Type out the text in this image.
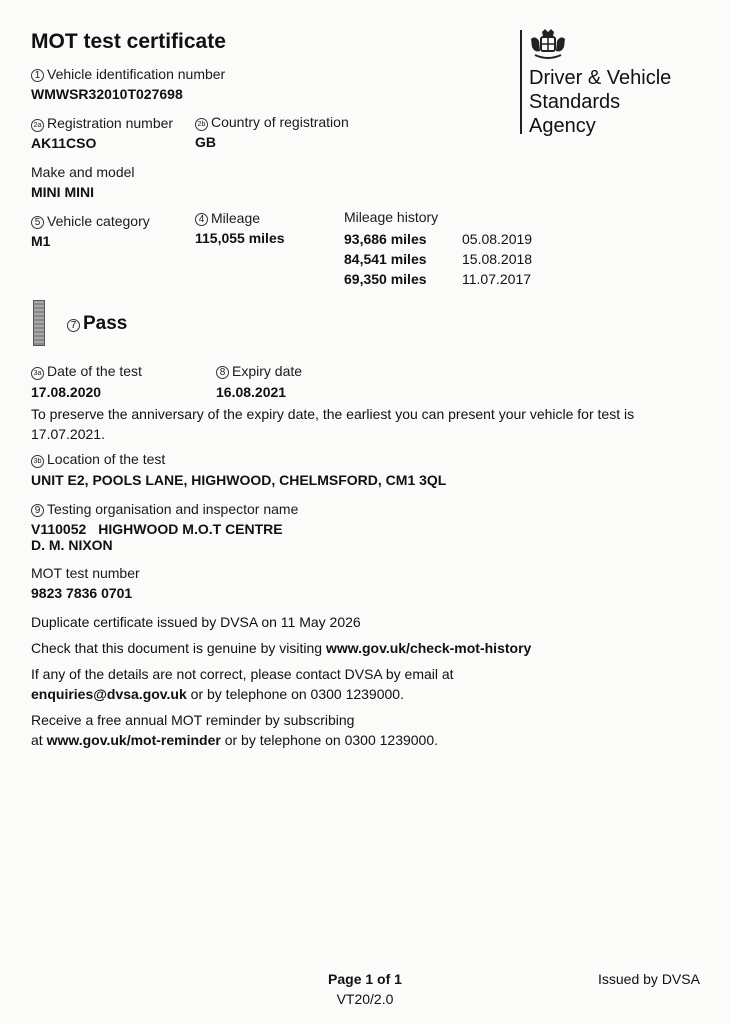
MOT test certificate
Driver & Vehicle
Standards
Agency
1 Vehicle identification number
WMWSR32010T027698
2a Registration number
AK11CSO
2b Country of registration
GB
Make and model
MINI MINI
5 Vehicle category
M1
4 Mileage
115,055 miles
Mileage history
93,686 miles	05.08.2019
84,541 miles	15.08.2018
69,350 miles	11.07.2017
7 Pass
3a Date of the test
17.08.2020
8 Expiry date
16.08.2021
To preserve the anniversary of the expiry date, the earliest you can present your vehicle for test is
17.07.2021.
3b Location of the test
UNIT E2, POOLS LANE, HIGHWOOD, CHELMSFORD, CM1 3QL
9 Testing organisation and inspector name
V110052 HIGHWOOD M.O.T CENTRE
D. M. NIXON
MOT test number
9823 7836 0701
Duplicate certificate issued by DVSA on 11 May 2026
Check that this document is genuine by visiting www.gov.uk/check-mot-history
If any of the details are not correct, please contact DVSA by email at
enquiries@dvsa.gov.uk or by telephone on 0300 1239000.
Receive a free annual MOT reminder by subscribing
at www.gov.uk/mot-reminder or by telephone on 0300 1239000.
Page 1 of 1
VT20/2.0
Issued by DVSA
